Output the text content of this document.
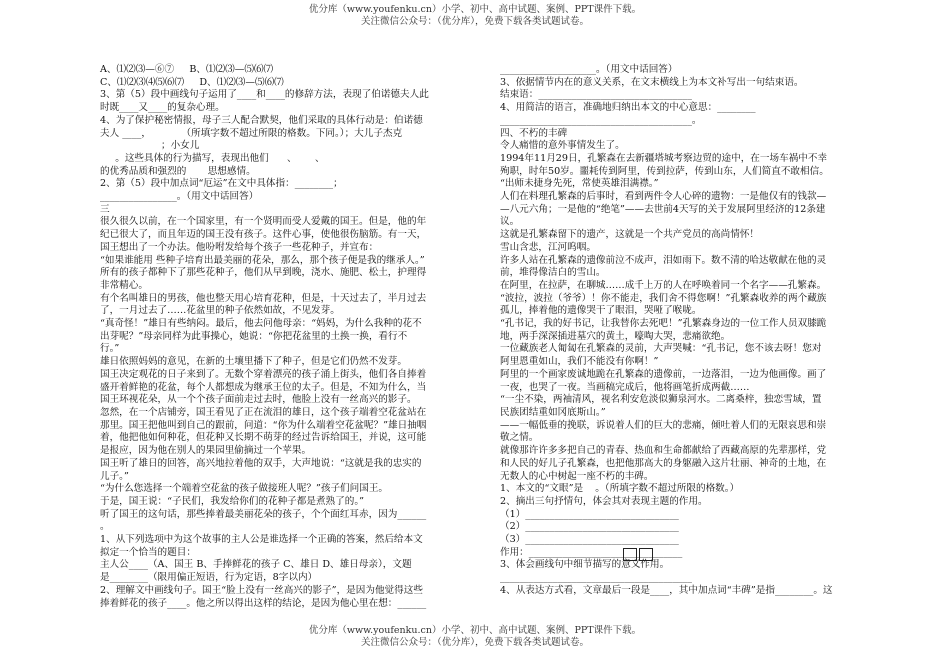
优分库（www.youfenku.cn）小学、初中、高中试题、案例、PPT课件下载。
关注微信公众号：（优分库），免费下载各类试题试卷。

A、⑴⑵⑶—⑥⑦     B、⑴⑵⑶—⑸⑹⑺

C、⑴⑵⑶⑷⑸⑹⑺     D、⑴⑵⑶—⑸⑹⑺

3、第（5）段中画线句子运用了____和____的修辞方法，表现了伯诺德夫人此

时既____又____的复杂心理。

4、为了保护秘密情报，母子三人配合默契，他们采取的具体行动是：伯诺德

夫人 ____，          （所填字数不超过所限的格数。下同。）；大儿子杰克

；小女儿

。这些具体的行为描写，表现出他们      、      、

的优秀品质和强烈的       思想感情。

2、第（5）段中加点词“厄运”在文中具体指：________；

________________。（用文中话回答）

三

很久很久以前，在一个国家里，有一个贤明而受人爱戴的国王。但是，他的年

纪已很大了，而且年迈的国王没有孩子。这件心事，使他很伤脑筋。有一天，

国王想出了一个办法。他吩咐发给每个孩子一些花种子，并宣布：

“如果谁能用 些种子培育出最美丽的花朵，那么，那个孩子便是我的继承人。”

所有的孩子都种下了那些花种子，他们从早到晚，浇水、施肥、松土，护理得

非常精心。

有个名叫雄日的男孩，他也整天用心培育花种，但是，十天过去了，半月过去

了，一月过去了……花盆里的种子依然如故，不见发芽。

“真奇怪！”雄日有些纳闷。最后，他去问他母亲：“妈妈，为什么我种的花不

出芽呢？”母亲同样为此事操心，她说：“你把花盆里的土换一换，看行不

行。”

雄日依照妈妈的意见，在新的土壤里播下了种子，但是它们仍然不发芽。

国王决定观花的日子来到了。无数个穿着漂亮的孩子涌上街头，他们各自捧着

盛开着鲜艳的花盆，每个人都想成为继承王位的太子。但是，不知为什么，当

国王环视花朵，从一个个孩子面前走过去时，他脸上没有一丝高兴的影子。

忽然，在一个店铺旁，国王看见了正在流泪的雄日，这个孩子端着空花盆站在

那里。国王把他叫到自己的跟前，问道：“你为什么端着空花盆呢？”雄日抽咽

着，他把他如何种花，但花种又长期不萌芽的经过告诉给国王，并说，这可能

是报应，因为他在别人的果园里偷摘过一个苹果。

国王听了雄日的回答，高兴地拉着他的双手，大声地说：“这就是我的忠实的

儿子。”

“为什么您选择一个端着空花盆的孩子做接班人呢？”孩子们问国王。

于是，国王说：“子民们，我发给你们的花种子都是煮熟了的。”

听了国王的这句话，那些捧着最美丽花朵的孩子，个个面红耳赤，因为______

。

1、从下列选项中为这个故事的主人公是谁选择一个正确的答案，然后给本文

拟定一个恰当的题目：

主人公____（A、国王 B、手捧鲜花的孩子 C、雄日 D、雄日母亲），文题

是________（限用偏正短语，行为定语，8字以内）

2、理解文中画线句子。国王“脸上没有一丝高兴的影子”，是因为他觉得这些

捧着鲜花的孩子____。他之所以得出这样的结论，是因为他心里在想：______

____________________。（用文中话回答）

3、依据情节内在的意义关系，在文末横线上为本文补写出一句结束语。

结束语：________________________________

4、用简洁的语言，准确地归纳出本文的中心意思：________

________________________________________。

四、不朽的丰碑

令人痛惜的意外事情发生了。

1994年11月29日，孔繁森在去新疆塔城考察边贸的途中，在一场车祸中不幸

殉职，时年50岁。噩耗传到阿里，传到拉萨，传到山东，人们简直不敢相信。

“出师未捷身先死，常使英雄泪满襟。”

人们在料理孔繁森的后事时，看到两件令人心碎的遗物：一是他仅有的钱款—

—八元六角；一是他的“绝笔”——去世前4天写的关于发展阿里经济的12条建

议。

这就是孔繁森留下的遗产，这就是一个共产党员的高尚情怀！

雪山含悲，江河呜咽。

许多人站在孔繁森的遗像前泣不成声，泪如雨下。数不清的哈达敬献在他的灵

前，堆得像洁白的雪山。

在阿里，在拉萨，在聊城……成千上万的人在呼唤着同一个名字——孔繁森。

“波拉，波拉（爷爷）！你不能走，我们舍不得您啊！”孔繁森收养的两个藏族

孤儿，捧着他的遗像哭干了眼泪，哭哑了喉咙。

“孔书记，我的好书记，让我替你去死吧！”孔繁森身边的一位工作人员双膝跪

地，两手深深插进墓穴的黄土，嚎啕大哭，悲痛欲绝。

一位藏族老人匍匐在孔繁森的灵前，大声哭喊：“孔书记，您不该去呀！您对

阿里恩重如山，我们不能没有你啊！”

阿里的一个画家废诚地跪在孔繁森的遗像前，一边落泪，一边为他画像。画了

一夜，也哭了一夜。当画稿完成后，他将画笔折成两截……

“一尘不染，两袖清风，视名利安危淡似狮泉河水。二离桑梓，独恋雪域，置

民族团结重如冈底斯山。”

——一幅低垂的挽联，诉说着人们的巨大的悲痛，倾吐着人们的无限哀思和崇

敬之情。

就像那许许多多把自己的青春、热血和生命都献给了西藏高原的先辈那样，党

和人民的好儿子孔繁森，也把他那高大的身躯融入这片壮丽、神奇的土地，在

无数人的心中树起一座不朽的丰碑。

1、本文的“文眼”是    。（所填字数不超过所限的格数。）

2、摘出三句抒情句，体会其对表现主题的作用。

（1）________________________________

（2）________________________________

（3）________________________________

作用：________________________________

3、体会画线句中细节描写的意义作用。

________________________________________

4、从表达方式看，文章最后一段是____，其中加点词“丰碑”是指________。这

优分库（www.youfenku.cn）小学、初中、高中试题、案例、PPT课件下载。
关注微信公众号：（优分库），免费下载各类试题试卷。
